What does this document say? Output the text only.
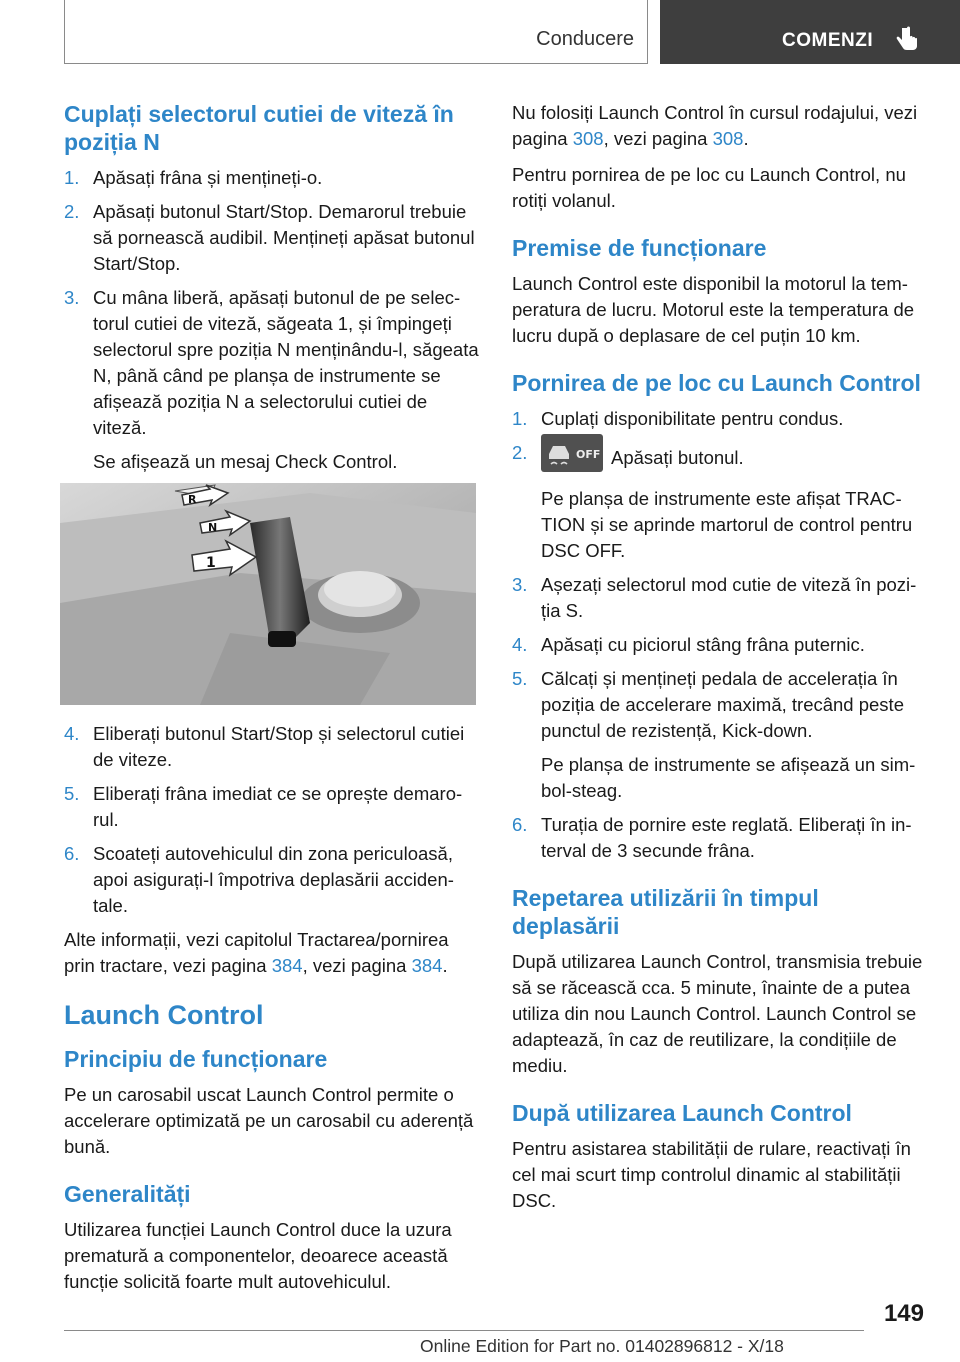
Conducere	COMENZI
Cuplați selectorul cutiei de viteză în poziția N
1. Apăsați frâna și mențineți-o.
2. Apăsați butonul Start/Stop. Demarorul trebuie să pornească audibil. Mențineți apăsat butonul Start/Stop.
3. Cu mâna liberă, apăsați butonul de pe selectorul cutiei de viteză, săgeata 1, și împingeți selectorul spre poziția N menținându-l, săgeata N, până când pe planșa de instrumente se afișează poziția N a selectorului cutiei de viteză.
Se afișează un mesaj Check Control.
R
N
1
4. Eliberați butonul Start/Stop și selectorul cutiei de viteze.
5. Eliberați frâna imediat ce se oprește demarorul.
6. Scoateți autovehiculul din zona periculoasă, apoi asigurați-l împotriva deplasării accidentale.

Alte informații, vezi capitolul Tractarea/pornirea prin tractare, vezi pagina 384, vezi pagina 384.

Launch Control
Principiu de funcționare

Pe un carosabil uscat Launch Control permite o accelerare optimizată pe un carosabil cu aderență bună.

Generalități

Utilizarea funcției Launch Control duce la uzura prematură a componentelor, deoarece această funcție solicită foarte mult autovehiculul.

Nu folosiți Launch Control în cursul rodajului, vezi pagina 308, vezi pagina 308.

Pentru pornirea de pe loc cu Launch Control, nu rotiți volanul.

Premise de funcționare

Launch Control este disponibil la motorul la temperatura de lucru. Motorul este la temperatura de lucru după o deplasare de cel puțin 10 km.

Pornirea de pe loc cu Launch Control
1. Cuplați disponibilitate pentru condus.
2.	OFF Apăsați butonul.
Pe planșa de instrumente este afișat TRACTION și se aprinde martorul de control pentru DSC OFF.
3. Așezați selectorul mod cutie de viteză în poziția S.
4. Apăsați cu piciorul stâng frâna puternic.
5. Călcați și mențineți pedala de accelerația în poziția de accelerare maximă, trecând peste punctul de rezistență, Kick-down.
Pe planșa de instrumente se afișează un simbol-steag.
6. Turația de pornire este reglată. Eliberați în interval de 3 secunde frâna.
Repetarea utilizării în timpul deplasării

După utilizarea Launch Control, transmisia trebuie să se răcească cca. 5 minute, înainte de a putea utiliza din nou Launch Control. Launch Control se adaptează, în caz de reutilizare, la condițiile de mediu.

După utilizarea Launch Control

Pentru asistarea stabilității de rulare, reactivați în cel mai scurt timp controlul dinamic al stabilității DSC.

149
Online Edition for Part no. 01402896812 - X/18
